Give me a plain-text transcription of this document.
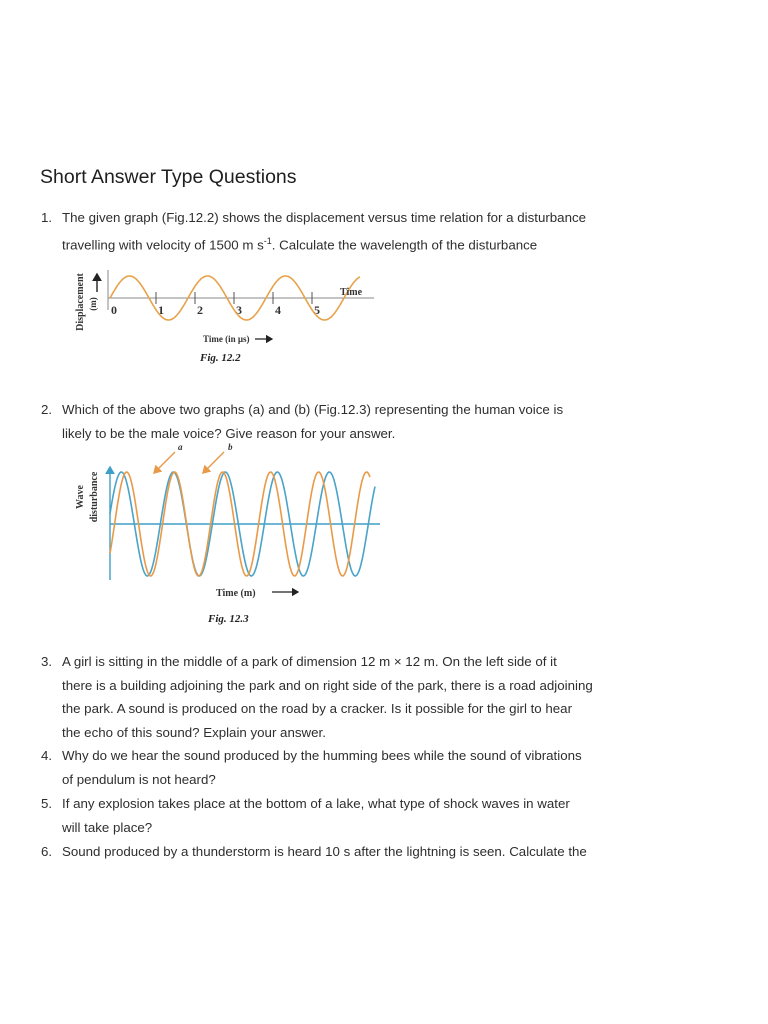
Short Answer Type Questions
1. The given graph (Fig.12.2) shows the displacement versus time relation for a disturbance
travelling with velocity of 1500 m $s^{-1}$. Calculate the wavelength of the disturbance
Displacement (m) 0	1	2	3	4	5
Time
Time (in µs)
Fig. 12.2
2. Which of the above two graphs (a) and (b) (Fig.12.3) representing the human voice is
likely to be the male voice? Give reason for your answer.
Wave disturbance
a	b
Time (m)
Fig. 12.3
3. A girl is sitting in the middle of a park of dimension 12 m × 12 m. On the left side of it
there is a building adjoining the park and on right side of the park, there is a road adjoining
the park. A sound is produced on the road by a cracker. Is it possible for the girl to hear
the echo of this sound? Explain your answer.
4. Why do we hear the sound produced by the humming bees while the sound of vibrations
of pendulum is not heard?
5. If any explosion takes place at the bottom of a lake, what type of shock waves in water
will take place?
6. Sound produced by a thunderstorm is heard 10 s after the lightning is seen. Calculate the
